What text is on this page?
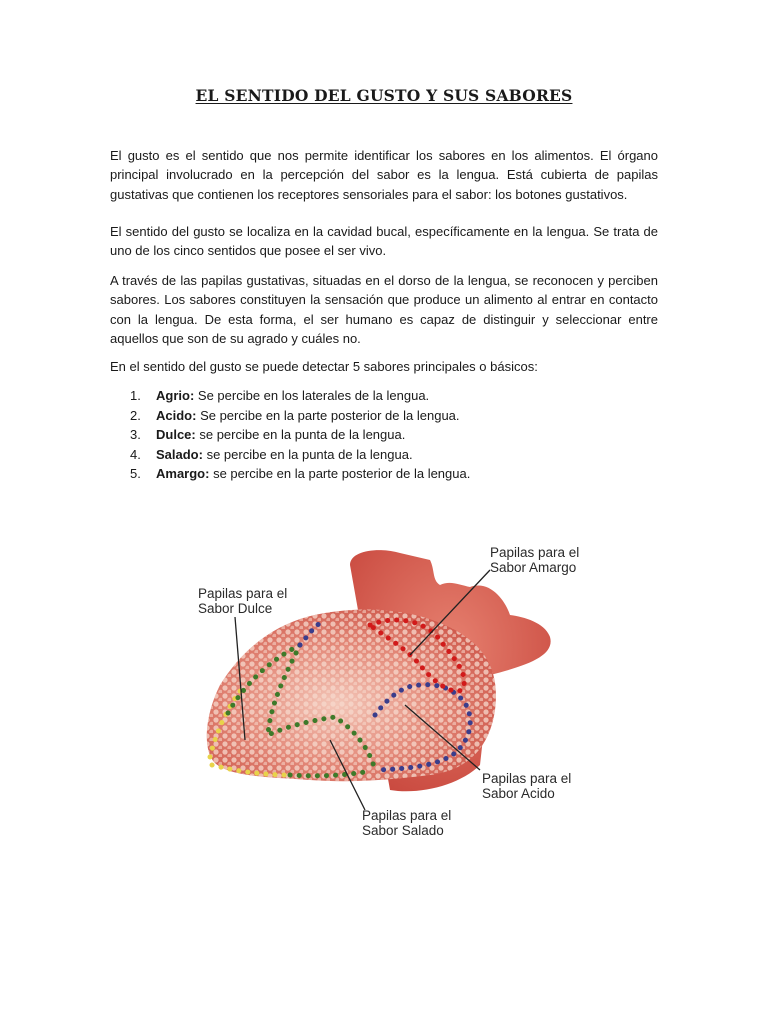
EL SENTIDO DEL GUSTO Y SUS SABORES

El gusto es el sentido que nos permite identificar los sabores en los alimentos. El órgano principal involucrado en la percepción del sabor es la lengua. Está cubierta de papilas gustativas que contienen los receptores sensoriales para el sabor: los botones gustativos.

El sentido del gusto se localiza en la cavidad bucal, específicamente en la lengua. Se trata de uno de los cinco sentidos que posee el ser vivo.

A través de las papilas gustativas, situadas en el dorso de la lengua, se reconocen y perciben sabores. Los sabores constituyen la sensación que produce un alimento al entrar en contacto con la lengua. De esta forma, el ser humano es capaz de distinguir y seleccionar entre aquellos que son de su agrado y cuáles no.

En el sentido del gusto se puede detectar 5 sabores principales o básicos:

1.	Agrio: Se percibe en los laterales de la lengua.
2.	Acido: Se percibe en la parte posterior de la lengua.
3.	Dulce: se percibe en la punta de la lengua.
4.	Salado: se percibe en la punta de la lengua.
5.	Amargo: se percibe en la parte posterior de la lengua.
Papilas para el
Sabor Amargo
Papilas para el
Sabor Dulce
Papilas para el
Sabor Acido
Papilas para el
Sabor Salado
